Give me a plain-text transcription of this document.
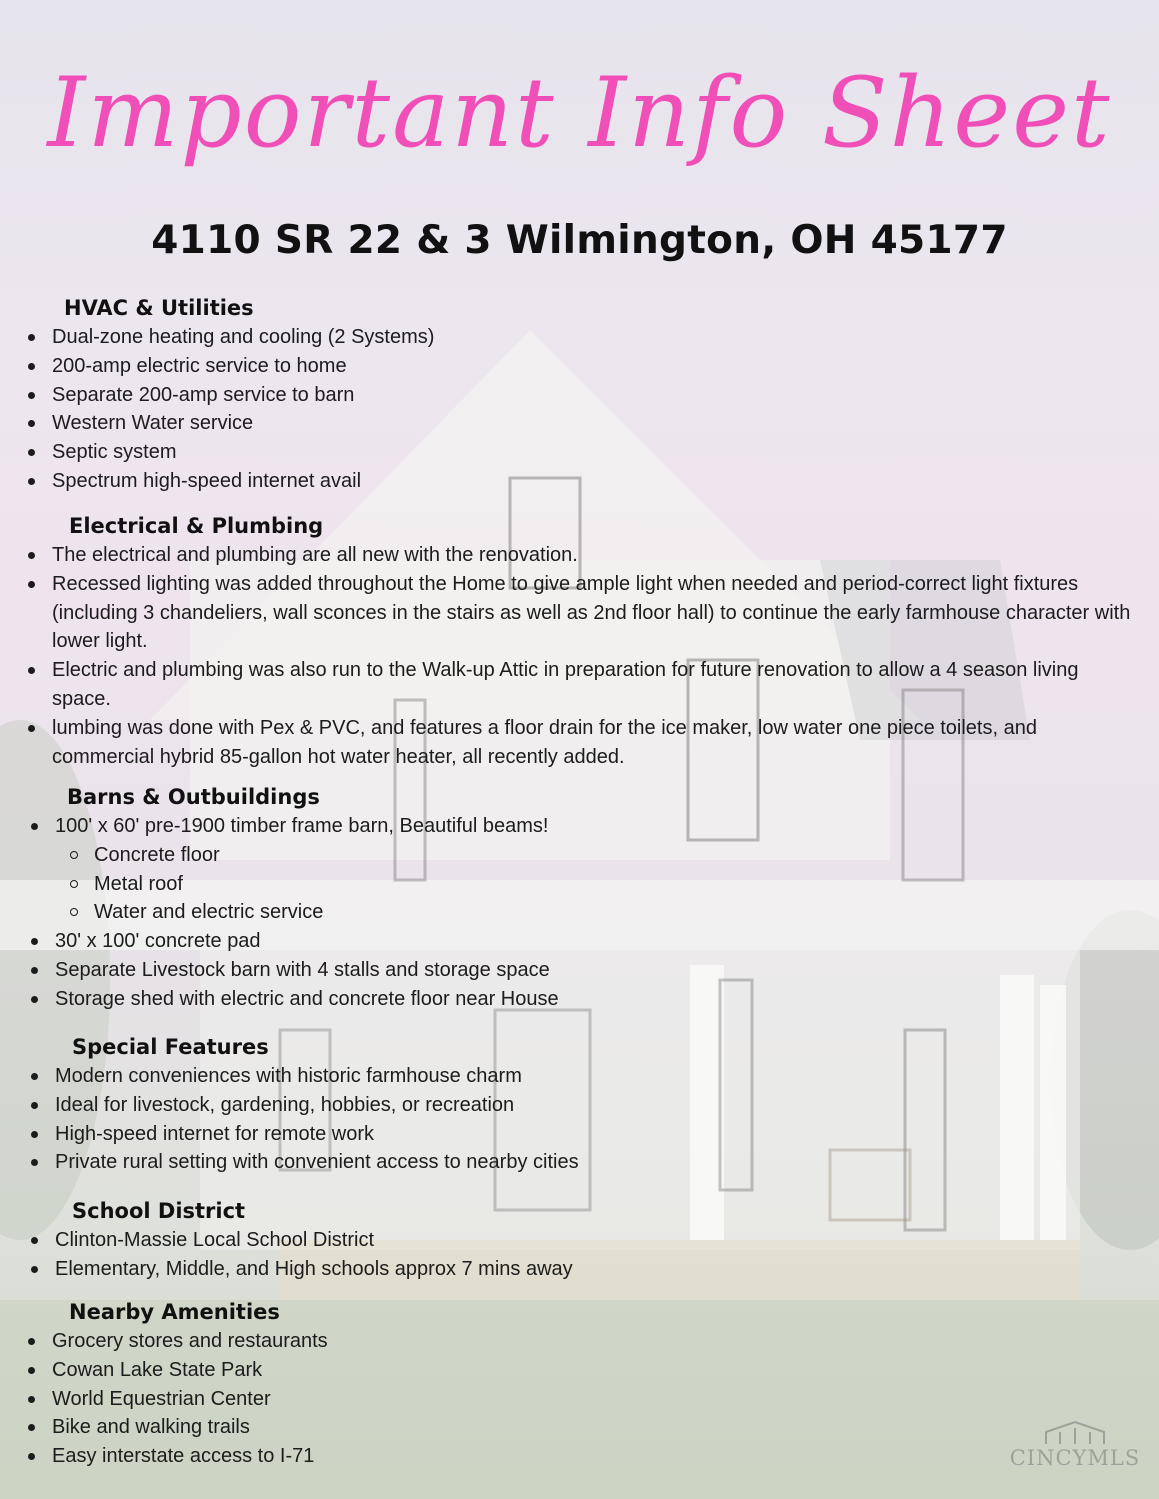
Important Info Sheet
4110 SR 22 & 3 Wilmington, OH 45177
HVAC & Utilities
Dual-zone heating and cooling (2 Systems)
200-amp electric service to home
Separate 200-amp service to barn
Western Water service
Septic system
Spectrum high-speed internet avail
Electrical & Plumbing
The electrical and plumbing are all new with the renovation.
Recessed lighting was added throughout the Home to give ample light when needed and period-correct light fixtures (including 3 chandeliers, wall sconces in the stairs as well as 2nd floor hall) to continue the early farmhouse character with lower light.
Electric and plumbing was also run to the Walk-up Attic in preparation for future renovation to allow a 4 season living space.
lumbing was done with Pex & PVC, and features a floor drain for the ice maker, low water one piece toilets, and commercial hybrid 85-gallon hot water heater, all recently added.
Barns & Outbuildings
100' x 60' pre-1900 timber frame barn, Beautiful beams!
Concrete floor
Metal roof
Water and electric service
30' x 100' concrete pad
Separate Livestock barn with 4 stalls and storage space
Storage shed with electric and concrete floor near House
Special Features
Modern conveniences with historic farmhouse charm
Ideal for livestock, gardening, hobbies, or recreation
High-speed internet for remote work
Private rural setting with convenient access to nearby cities
School District
Clinton-Massie Local School District
Elementary, Middle, and High schools approx 7 mins away
Nearby Amenities
Grocery stores and restaurants
Cowan Lake State Park
World Equestrian Center
Bike and walking trails
Easy interstate access to I-71	CINCYMLS
